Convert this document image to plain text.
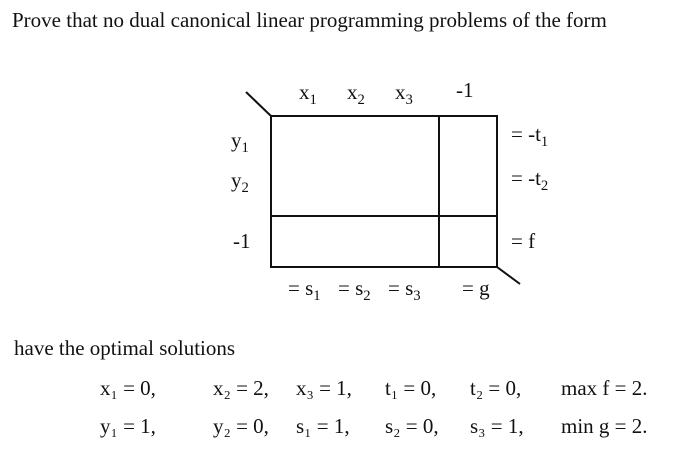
Prove that no dual canonical linear programming problems of the form
$x_1$ $x_2$ $x_3$ -1
$y_1$
$y_2$
-1
= $-t_1$
= $-t_2$
= f
= $s_1 = s_2 = s_3 = g$
have the optimal solutions
x₁ = 0,	x₂ = 2, x₃ = 1, t₁ = 0, t₂ = 0, max f = 2.
y₁ = 1,	y₂ = 0, s₁ = 1, s₂ = 0, s₃ = 1, min g = 2.
